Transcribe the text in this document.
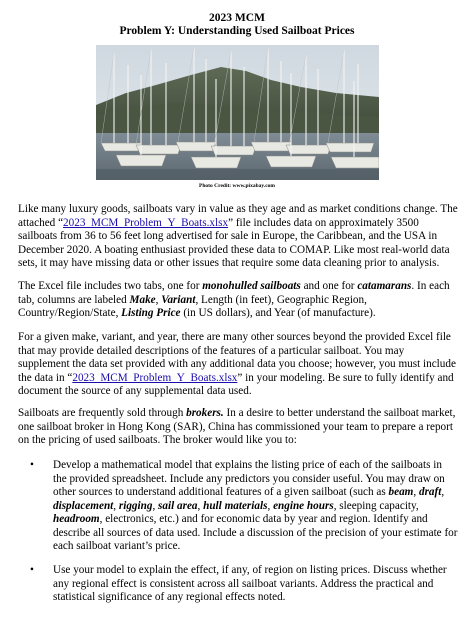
2023 MCM
Problem Y: Understanding Used Sailboat Prices
Photo Credit: www.pixabay.com
Like many luxury goods, sailboats vary in value as they age and as market conditions change. The attached “2023_MCM_Problem_Y_Boats.xlsx” file includes data on approximately 3500 sailboats from 36 to 56 feet long advertised for sale in Europe, the Caribbean, and the USA in December 2020. A boating enthusiast provided these data to COMAP. Like most real-world data sets, it may have missing data or other issues that require some data cleaning prior to analysis.
The Excel file includes two tabs, one for monohulled sailboats and one for catamarans. In each tab, columns are labeled Make, Variant, Length (in feet), Geographic Region, Country/Region/State, Listing Price (in US dollars), and Year (of manufacture).
For a given make, variant, and year, there are many other sources beyond the provided Excel file that may provide detailed descriptions of the features of a particular sailboat. You may supplement the data set provided with any additional data you choose; however, you must include the data in “2023_MCM_Problem_Y_Boats.xlsx” in your modeling. Be sure to fully identify and document the source of any supplemental data used.
Sailboats are frequently sold through brokers. In a desire to better understand the sailboat market, one sailboat broker in Hong Kong (SAR), China has commissioned your team to prepare a report on the pricing of used sailboats. The broker would like you to:
• Develop a mathematical model that explains the listing price of each of the sailboats in the provided spreadsheet. Include any predictors you consider useful. You may draw on other sources to understand additional features of a given sailboat (such as beam, draft, displacement, rigging, sail area, hull materials, engine hours, sleeping capacity, headroom, electronics, etc.) and for economic data by year and region. Identify and describe all sources of data used. Include a discussion of the precision of your estimate for each sailboat variant’s price.
• Use your model to explain the effect, if any, of region on listing prices. Discuss whether any regional effect is consistent across all sailboat variants. Address the practical and statistical significance of any regional effects noted.
